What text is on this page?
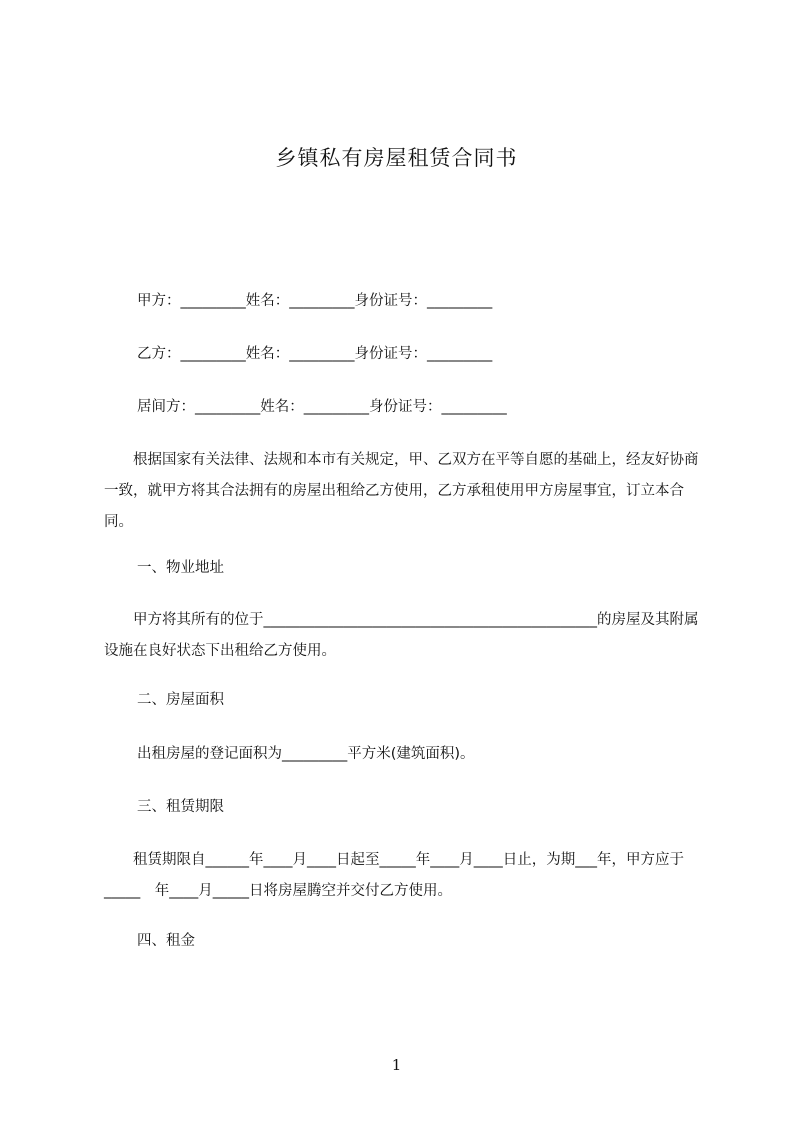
乡镇私有房屋租赁合同书
甲方：_________姓名：_________身份证号：_________
乙方：_________姓名：_________身份证号：_________
居间方：_________姓名：_________身份证号：_________
　　根据国家有关法律、法规和本市有关规定，甲、乙双方在平等自愿的基础上，经友好协商一致，就甲方将其合法拥有的房屋出租给乙方使用，乙方承租使用甲方房屋事宜，订立本合同。
一、物业地址
　　甲方将其所有的位于______________________________________________的房屋及其附属设施在良好状态下出租给乙方使用。
二、房屋面积
出租房屋的登记面积为_________平方米(建筑面积)。
三、租赁期限
　　租赁期限自______年____月____日起至_____年____月____日止，为期___年，甲方应于_____　年____月_____日将房屋腾空并交付乙方使用。
四、租金
1
